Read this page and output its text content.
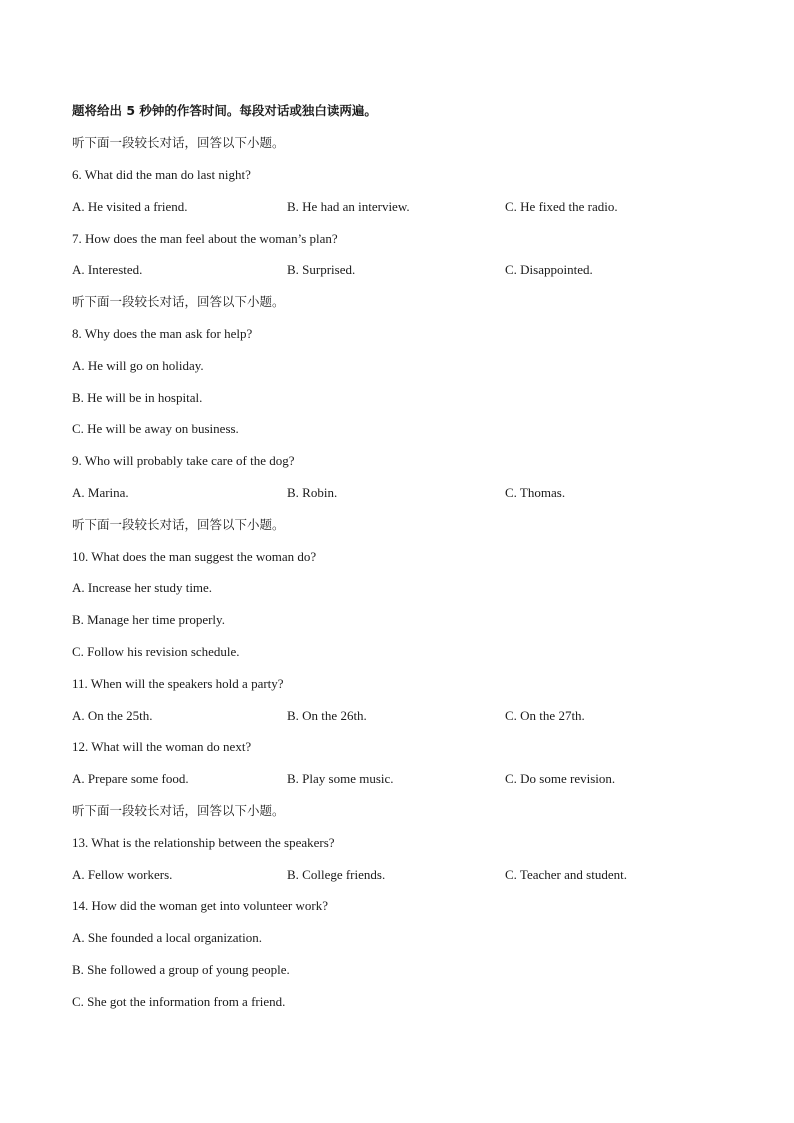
题将给出 5 秒钟的作答时间。每段对话或独白读两遍。
听下面一段较长对话，回答以下小题。
6. What did the man do last night?
A. He visited a friend.	B. He had an interview.	C. He fixed the radio.
7. How does the man feel about the woman’s plan?
A. Interested.	B. Surprised.	C. Disappointed.
听下面一段较长对话，回答以下小题。
8. Why does the man ask for help?
A. He will go on holiday.
B. He will be in hospital.
C. He will be away on business.
9. Who will probably take care of the dog?
A. Marina.	B. Robin.	C. Thomas.
听下面一段较长对话，回答以下小题。
10. What does the man suggest the woman do?
A. Increase her study time.
B. Manage her time properly.
C. Follow his revision schedule.
11. When will the speakers hold a party?
A. On the 25th.	B. On the 26th.	C. On the 27th.
12. What will the woman do next?
A. Prepare some food.	B. Play some music.	C. Do some revision.
听下面一段较长对话，回答以下小题。
13. What is the relationship between the speakers?
A. Fellow workers.	B. College friends.	C. Teacher and student.
14. How did the woman get into volunteer work?
A. She founded a local organization.
B. She followed a group of young people.
C. She got the information from a friend.
